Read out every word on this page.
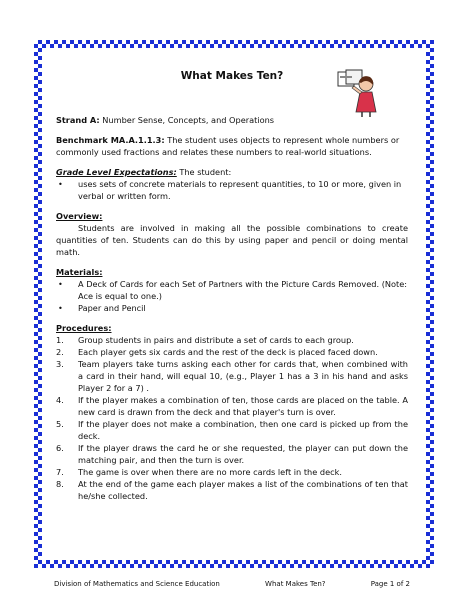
What Makes Ten?
Strand A: Number Sense, Concepts, and Operations
Benchmark MA.A.1.1.3: The student uses objects to represent whole numbers or commonly used fractions and relates these numbers to real-world situations.
Grade Level Expectations: The student:
• uses sets of concrete materials to represent quantities, to 10 or more, given in verbal or written form.
Overview:
Students are involved in making all the possible combinations to create quantities of ten. Students can do this by using paper and pencil or doing mental math.
Materials:
• A Deck of Cards for each Set of Partners with the Picture Cards Removed. (Note: Ace is equal to one.)
• Paper and Pencil
Procedures:
1. Group students in pairs and distribute a set of cards to each group.
2. Each player gets six cards and the rest of the deck is placed faced down.
3. Team players take turns asking each other for cards that, when combined with a card in their hand, will equal 10, (e.g., Player 1 has a 3 in his hand and asks Player 2 for a 7) .
4. If the player makes a combination of ten, those cards are placed on the table. A new card is drawn from the deck and that player's turn is over.
5. If the player does not make a combination, then one card is picked up from the deck.
6. If the player draws the card he or she requested, the player can put down the matching pair, and then the turn is over.
7. The game is over when there are no more cards left in the deck.
8. At the end of the game each player makes a list of the combinations of ten that he/she collected.
Division of Mathematics and Science Education	What Makes Ten?	Page 1 of 2
